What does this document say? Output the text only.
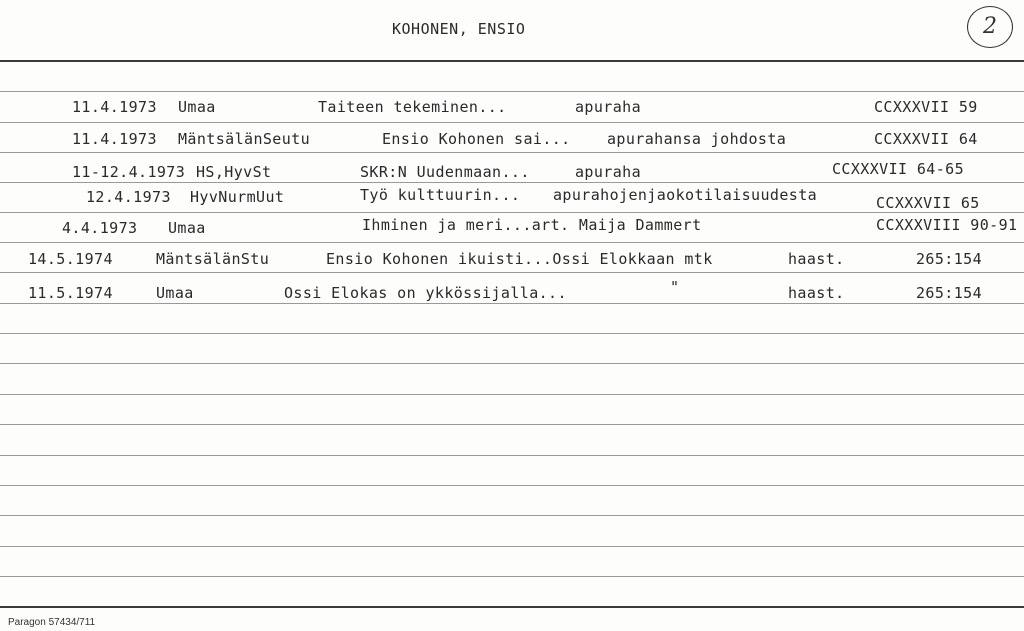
KOHONEN, ENSIO	2
11.4.1973 Umaa	Taiteen tekeminen...	apuraha	CCXXXVII 59
11.4.1973 MäntsälänSeutu	Ensio Kohonen sai... apurahansa johdosta	CCXXXVII 64
11-12.4.1973 HS,HyvSt	SKR:N Uudenmaan...	apuraha	CCXXXVII 64-65
12.4.1973 HyvNurmUut	Työ kulttuurin... apurahojenjaokotilaisuudesta	CCXXXVII 65
4.4.1973 Umaa	Ihminen ja meri...art. Maija Dammert	CCXXXVIII 90-91
14.5.1974	MäntsälänStu	Ensio Kohonen ikuisti...Ossi Elokkaan mtk	haast.	265:154
11.5.1974	Umaa	Ossi Elokas on ykkössijalla...	"	haast.	265:154
Paragon 57434/711
